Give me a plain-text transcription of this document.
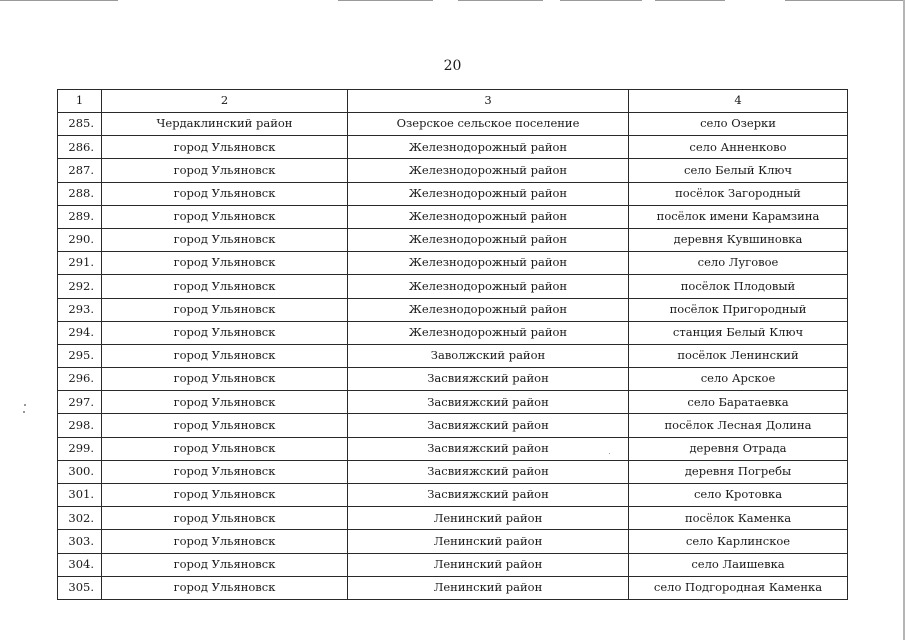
20
1	2	3	4
285.	Чердаклинский район	Озерское сельское поселение	село Озерки
286.	город Ульяновск	Железнодорожный район	село Анненково
287.	город Ульяновск	Железнодорожный район	село Белый Ключ
288.	город Ульяновск	Железнодорожный район	посёлок Загородный
289.	город Ульяновск	Железнодорожный район	посёлок имени Карамзина
290.	город Ульяновск	Железнодорожный район	деревня Кувшиновка
291.	город Ульяновск	Железнодорожный район	село Луговое
292.	город Ульяновск	Железнодорожный район	посёлок Плодовый
293.	город Ульяновск	Железнодорожный район	посёлок Пригородный
294.	город Ульяновск	Железнодорожный район	станция Белый Ключ
295.	город Ульяновск	Заволжский район	посёлок Ленинский
296.	город Ульяновск	Засвияжский район	село Арское
297.	город Ульяновск	Засвияжский район	село Баратаевка
298.	город Ульяновск	Засвияжский район	посёлок Лесная Долина
299.	город Ульяновск	Засвияжский район	деревня Отрада
300.	город Ульяновск	Засвияжский район	деревня Погребы
301.	город Ульяновск	Засвияжский район	село Кротовка
302.	город Ульяновск	Ленинский район	посёлок Каменка
303.	город Ульяновск	Ленинский район	село Карлинское
304.	город Ульяновск	Ленинский район	село Лаишевка
305.	город Ульяновск	Ленинский район	село Подгородная Каменка
